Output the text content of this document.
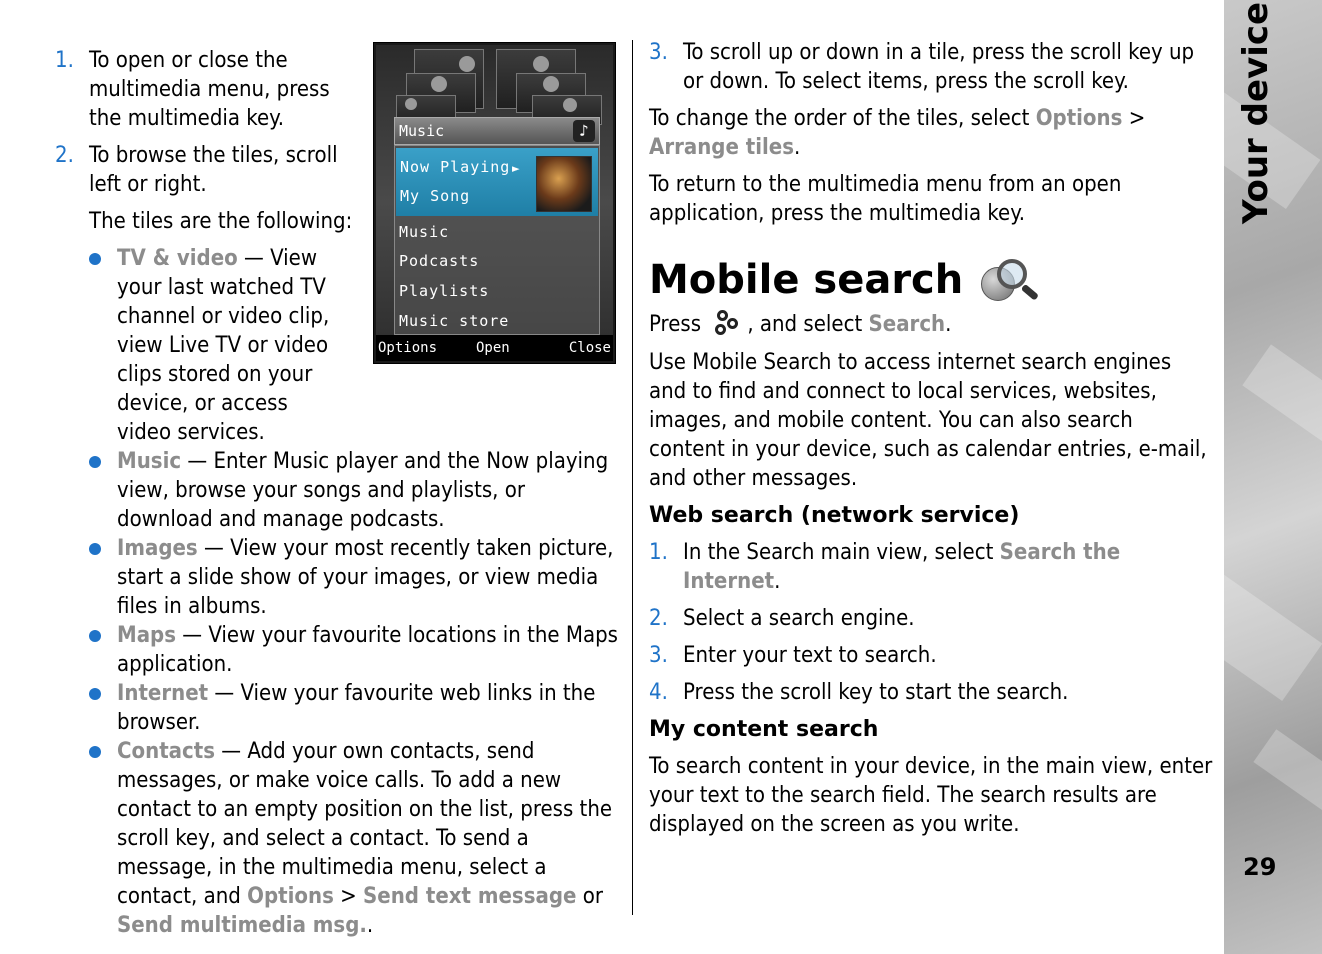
1. To open or close the multimedia menu, press the multimedia key.
2. To browse the tiles, scroll left or right.
The tiles are the following:
TV & video — View your last watched TV channel or video clip, view Live TV or video clips stored on your device, or access video services.
Music — Enter Music player and the Now playing view, browse your songs and playlists, or download and manage podcasts.
Images — View your most recently taken picture, start a slide show of your images, or view media files in albums.
Maps — View your favourite locations in the Maps application.
Internet — View your favourite web links in the browser.
Contacts — Add your own contacts, send messages, or make voice calls. To add a new contact to an empty position on the list, press the scroll key, and select a contact. To send a message, in the multimedia menu, select a contact, and Options > Send text message or Send multimedia msg..
Music	♪
Now Playing ►
My Song
Music
Podcasts
Playlists
Music store
Options	Open	Close
3. To scroll up or down in a tile, press the scroll key up or down. To select items, press the scroll key.
To change the order of the tiles, select Options > Arrange tiles.
To return to the multimedia menu from an open application, press the multimedia key.
Mobile search
Press , and select Search.
Use Mobile Search to access internet search engines and to find and connect to local services, websites, images, and mobile content. You can also search content in your device, such as calendar entries, e-mail, and other messages.
Web search (network service)
1. In the Search main view, select Search the Internet.
2. Select a search engine.
3. Enter your text to search.
4. Press the scroll key to start the search.
My content search
To search content in your device, in the main view, enter your text to the search field. The search results are displayed on the screen as you write.
Your device
29
